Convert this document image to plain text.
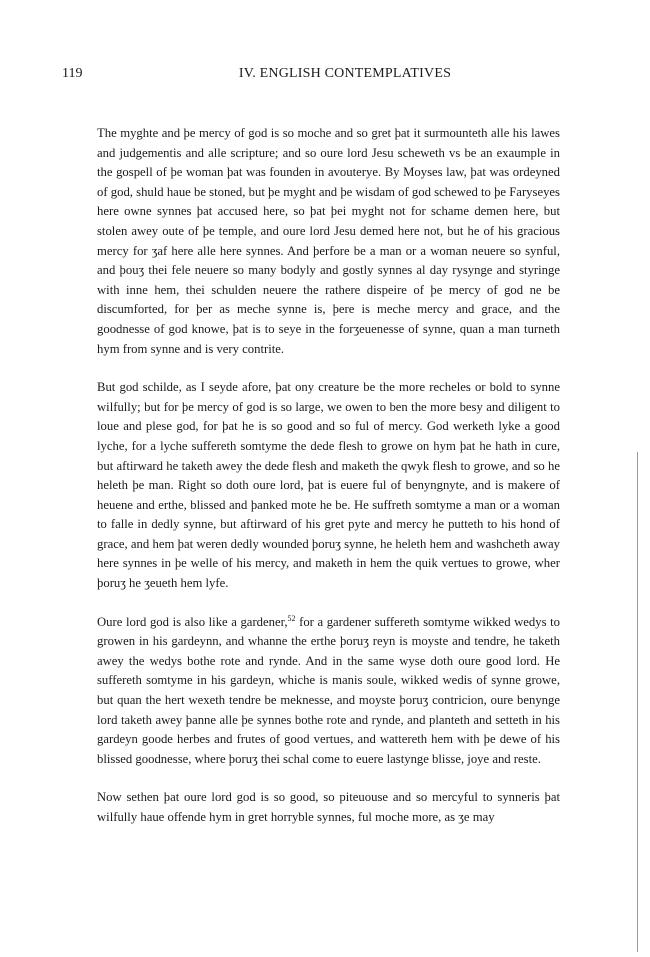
119	IV. ENGLISH CONTEMPLATIVES

The myghte and þe mercy of god is so moche and so gret þat it surmounteth alle his lawes and judgementis and alle scripture; and so oure lord Jesu scheweth vs be an exaumple in the gospell of þe woman þat was founden in avouterye. By Moyses law, þat was ordeyned of god, shuld haue be stoned, but þe myght and þe wisdam of god schewed to þe Faryseyes here owne synnes þat accused here, so þat þei myght not for schame demen here, but stolen awey oute of þe temple, and oure lord Jesu demed here not, but he of his gracious mercy for ʒaf here alle here synnes. And þerfore be a man or a woman neuere so synful, and þouʒ thei fele neuere so many bodyly and gostly synnes al day rysynge and styringe with inne hem, thei schulden neuere the rathere dispeire of þe mercy of god ne be discumforted, for þer as meche synne is, þere is meche mercy and grace, and the goodnesse of god knowe, þat is to seye in the forʒeuenesse of synne, quan a man turneth hym from synne and is very contrite.

But god schilde, as I seyde afore, þat ony creature be the more recheles or bold to synne wilfully; but for þe mercy of god is so large, we owen to ben the more besy and diligent to loue and plese god, for þat he is so good and so ful of mercy. God werketh lyke a good lyche, for a lyche suffereth somtyme the dede flesh to growe on hym þat he hath in cure, but aftirward he taketh awey the dede flesh and maketh the qwyk flesh to growe, and so he heleth þe man. Right so doth oure lord, þat is euere ful of benyngnyte, and is makere of heuene and erthe, blissed and þanked mote he be. He suffreth somtyme a man or a woman to falle in dedly synne, but aftirward of his gret pyte and mercy he putteth to his hond of grace, and hem þat weren dedly wounded þoruʒ synne, he heleth hem and washcheth away here synnes in þe welle of his mercy, and maketh in hem the quik vertues to growe, wher þoruʒ he ʒeueth hem lyfe.

Oure lord god is also like a gardener,$^{52}$ for a gardener suffereth somtyme wikked wedys to growen in his gardeynn, and whanne the erthe þoruʒ reyn is moyste and tendre, he taketh awey the wedys bothe rote and rynde. And in the same wyse doth oure good lord. He suffereth somtyme in his gardeyn, whiche is manis soule, wikked wedis of synne growe, but quan the hert wexeth tendre be meknesse, and moyste þoruʒ contricion, oure benynge lord taketh awey þanne alle þe synnes bothe rote and rynde, and planteth and setteth in his gardeyn goode herbes and frutes of good vertues, and wattereth hem with þe dewe of his blissed goodnesse, where þoruʒ thei schal come to euere lastynge blisse, joye and reste.

Now sethen þat oure lord god is so good, so piteuouse and so mercyful to synneris þat wilfully haue offende hym in gret horryble synnes, ful moche more, as ʒe may
